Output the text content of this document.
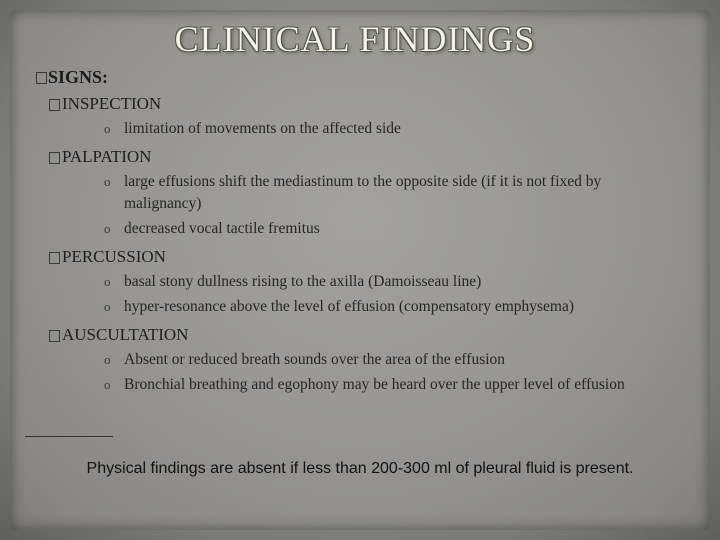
CLINICAL FINDINGS
SIGNS:
INSPECTION
o limitation of movements on the affected side
PALPATION
o large effusions shift the mediastinum to the opposite side (if it is not fixed by malignancy)
o decreased vocal tactile fremitus
PERCUSSION
o basal stony dullness rising to the axilla (Damoisseau line)
o hyper-resonance above the level of effusion (compensatory emphysema)
AUSCULTATION
o Absent or reduced breath sounds over the area of the effusion
o Bronchial breathing and egophony may be heard over the upper level of effusion
Physical findings are absent if less than 200-300 ml of pleural fluid is present.
